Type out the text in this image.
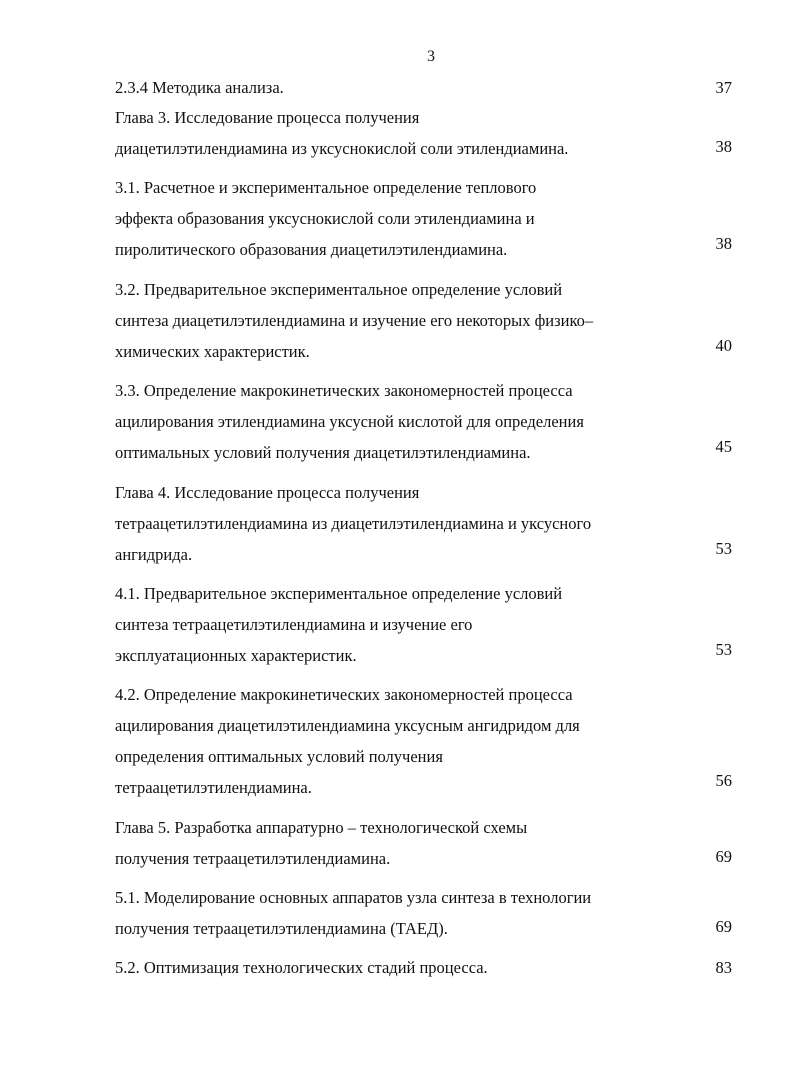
3
2.3.4 Методика анализа.	37
Глава 3. Исследование процесса получения
диацетилэтилендиамина из уксуснокислой соли этилендиамина.	38
3.1. Расчетное и экспериментальное определение теплового
эффекта образования уксуснокислой соли этилендиамина и
пиролитического образования диацетилэтилендиамина.	38
3.2. Предварительное экспериментальное определение условий
синтеза диацетилэтилендиамина и изучение его некоторых физико–
химических характеристик.	40
3.3. Определение макрокинетических закономерностей процесса
ацилирования этилендиамина уксусной кислотой для определения
оптимальных условий получения диацетилэтилендиамина.	45
Глава 4. Исследование процесса получения
тетраацетилэтилендиамина из диацетилэтилендиамина и уксусного
ангидрида.	53
4.1. Предварительное экспериментальное определение условий
синтеза тетраацетилэтилендиамина и изучение его
эксплуатационных характеристик.	53
4.2. Определение макрокинетических закономерностей процесса
ацилирования диацетилэтилендиамина уксусным ангидридом для
определения оптимальных условий получения
тетраацетилэтилендиамина.	56
Глава 5. Разработка аппаратурно – технологической схемы
получения тетраацетилэтилендиамина.	69
5.1. Моделирование основных аппаратов узла синтеза в технологии
получения тетраацетилэтилендиамина (ТАЕД).	69
5.2. Оптимизация технологических стадий процесса.	83
